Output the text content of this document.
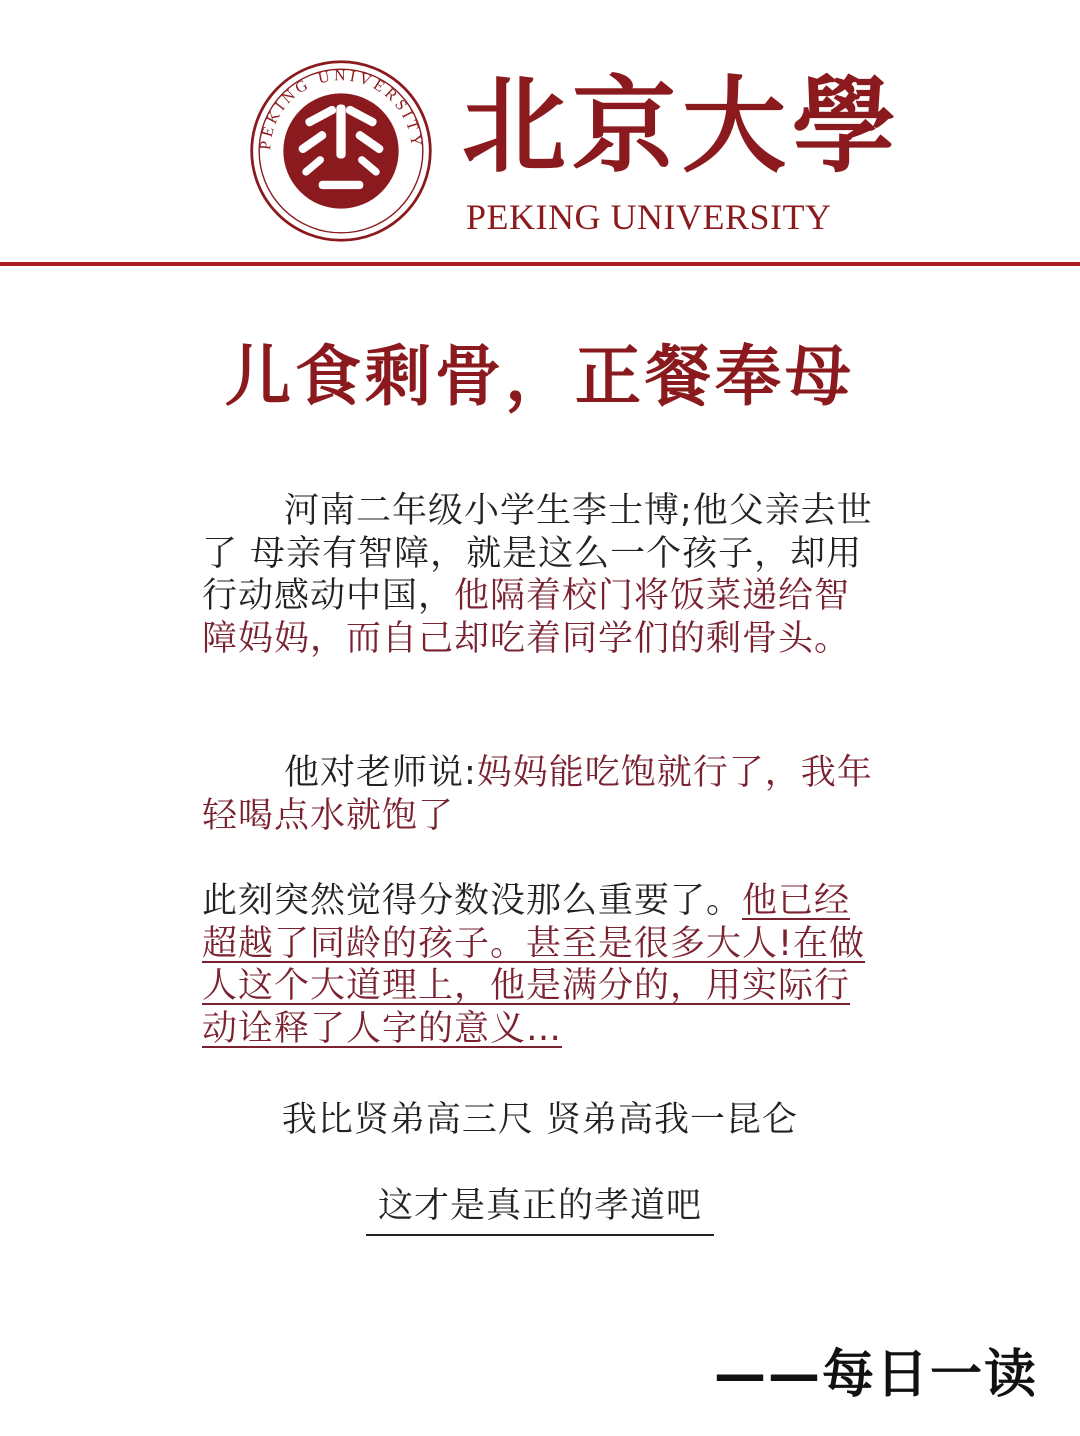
PEKING UNIVERSITY 北京大學
PEKING UNIVERSITY
儿食剩骨，正餐奉母
河南二年级小学生李士博;他父亲去世了 母亲有智障，就是这么一个孩子，却用行动感动中国，他隔着校门将饭菜递给智障妈妈，而自己却吃着同学们的剩骨头。
他对老师说:妈妈能吃饱就行了，我年轻喝点水就饱了
此刻突然觉得分数没那么重要了。他已经超越了同龄的孩子。甚至是很多大人!在做人这个大道理上，他是满分的，用实际行动诠释了人字的意义…
我比贤弟高三尺 贤弟高我一昆仑
这才是真正的孝道吧
——每日一读
